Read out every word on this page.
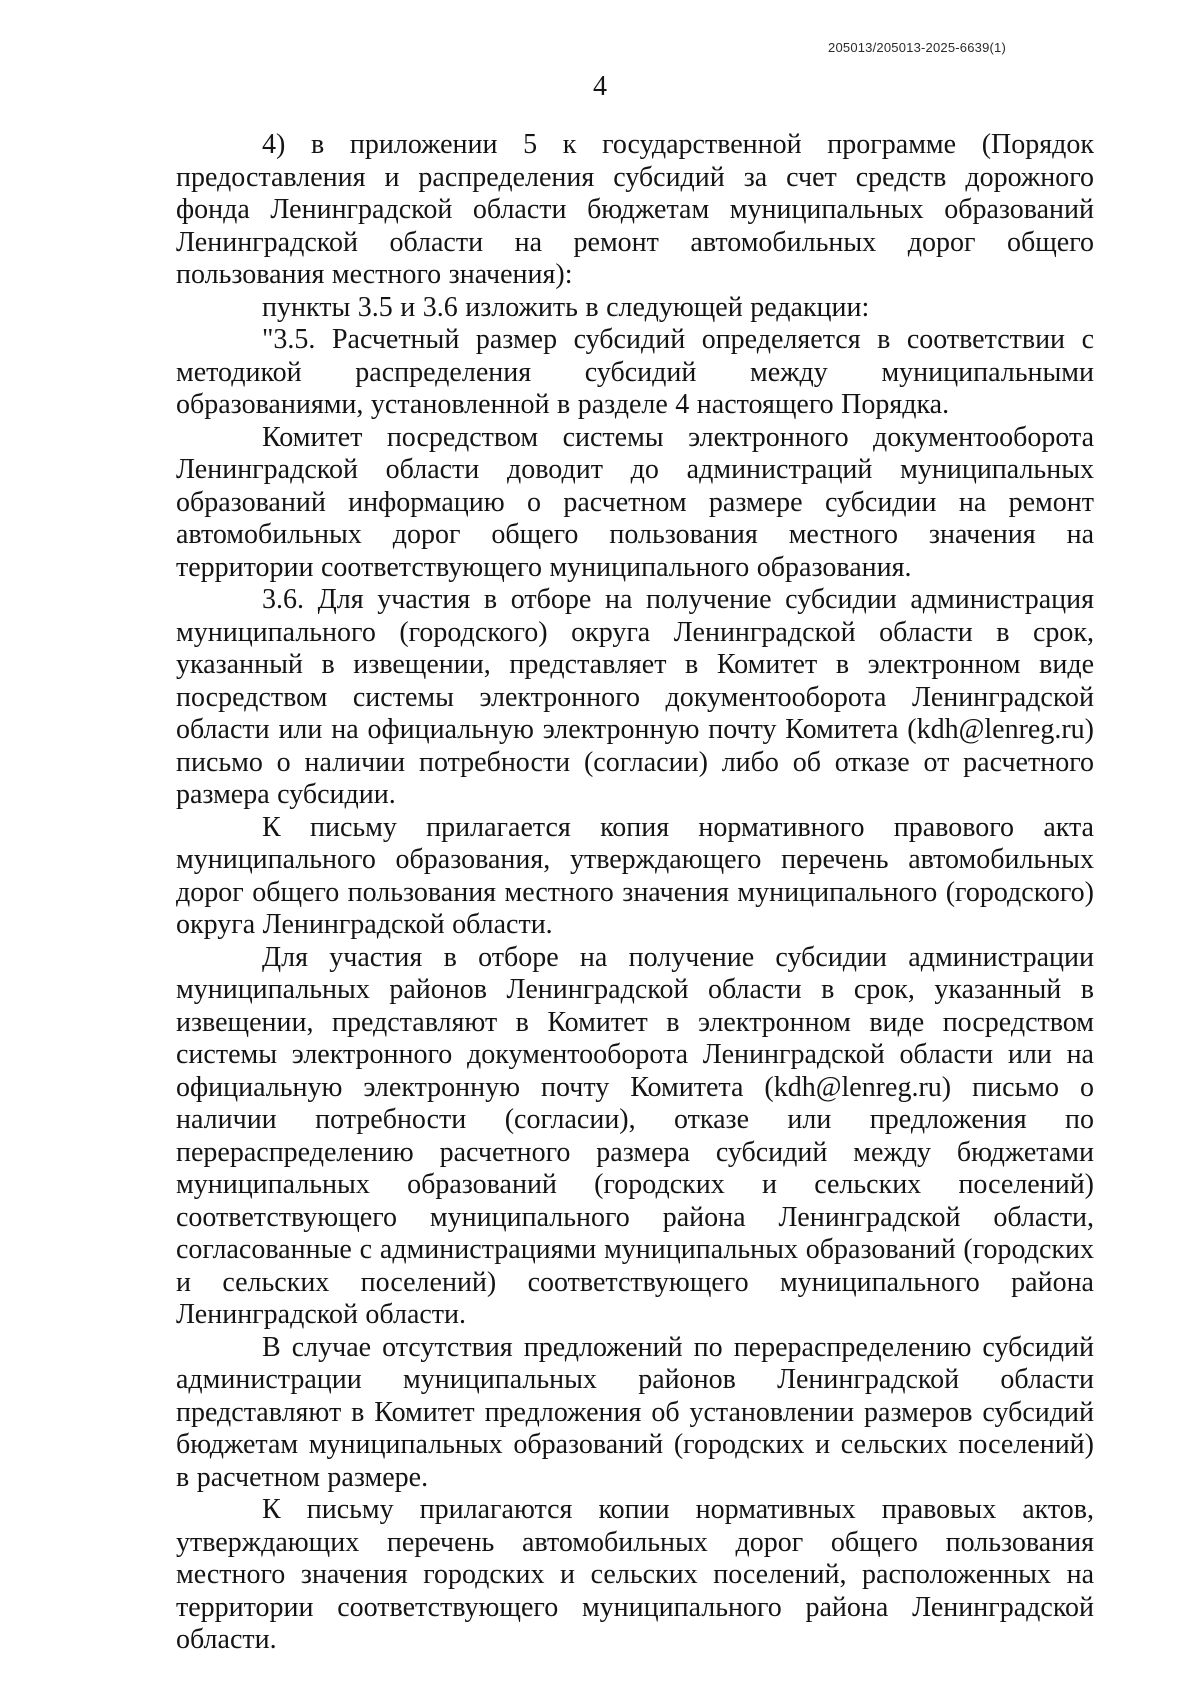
205013/205013-2025-6639(1)
4

4) в приложении 5 к государственной программе (Порядок предоставления и распределения субсидий за счет средств дорожного фонда Ленинградской области бюджетам муниципальных образований Ленинградской области на ремонт автомобильных дорог общего пользования местного значения):

пункты 3.5 и 3.6 изложить в следующей редакции:

"3.5. Расчетный размер субсидий определяется в соответствии с методикой распределения субсидий между муниципальными образованиями, установленной в разделе 4 настоящего Порядка.

Комитет посредством системы электронного документооборота Ленинградской области доводит до администраций муниципальных образований информацию о расчетном размере субсидии на ремонт автомобильных дорог общего пользования местного значения на территории соответствующего муниципального образования.

3.6. Для участия в отборе на получение субсидии администрация муниципального (городского) округа Ленинградской области в срок, указанный в извещении, представляет в Комитет в электронном виде посредством системы электронного документооборота Ленинградской области или на официальную электронную почту Комитета (kdh@lenreg.ru) письмо о наличии потребности (согласии) либо об отказе от расчетного размера субсидии.

К письму прилагается копия нормативного правового акта муниципального образования, утверждающего перечень автомобильных дорог общего пользования местного значения муниципального (городского) округа Ленинградской области.

Для участия в отборе на получение субсидии администрации муниципальных районов Ленинградской области в срок, указанный в извещении, представляют в Комитет в электронном виде посредством системы электронного документооборота Ленинградской области или на официальную электронную почту Комитета (kdh@lenreg.ru) письмо о наличии потребности (согласии), отказе или предложения по перераспределению расчетного размера субсидий между бюджетами муниципальных образований (городских и сельских поселений) соответствующего муниципального района Ленинградской области, согласованные с администрациями муниципальных образований (городских и сельских поселений) соответствующего муниципального района Ленинградской области.

В случае отсутствия предложений по перераспределению субсидий администрации муниципальных районов Ленинградской области представляют в Комитет предложения об установлении размеров субсидий бюджетам муниципальных образований (городских и сельских поселений) в расчетном размере.

К письму прилагаются копии нормативных правовых актов, утверждающих перечень автомобильных дорог общего пользования местного значения городских и сельских поселений, расположенных на территории соответствующего муниципального района Ленинградской области.
